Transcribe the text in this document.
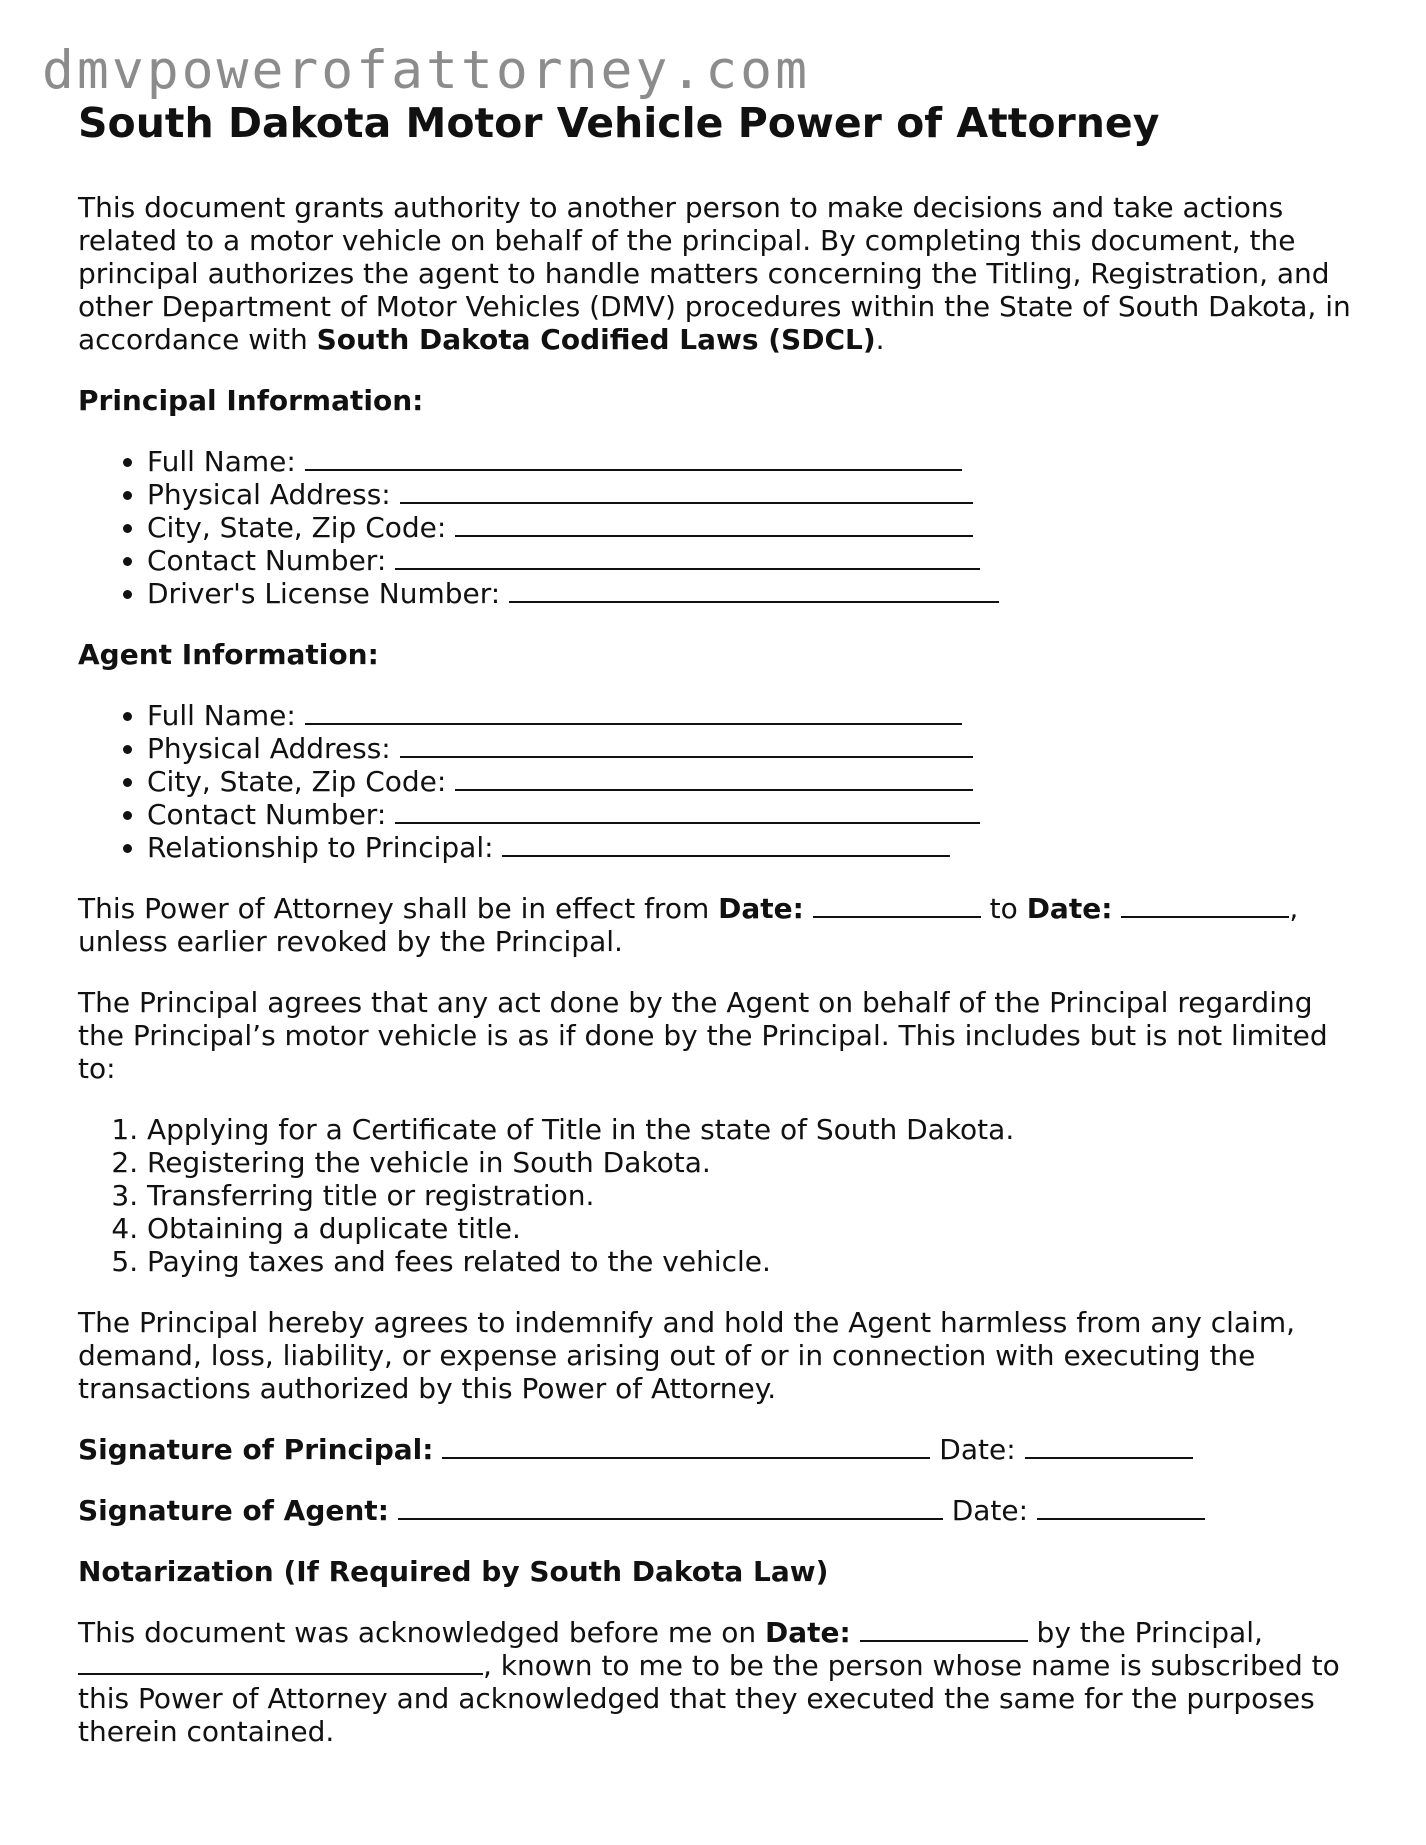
dmvpowerofattorney.com
South Dakota Motor Vehicle Power of Attorney

This document grants authority to another person to make decisions and take actions related to a motor vehicle on behalf of the principal. By completing this document, the principal authorizes the agent to handle matters concerning the Titling, Registration, and other Department of Motor Vehicles (DMV) procedures within the State of South Dakota, in accordance with South Dakota Codified Laws (SDCL).

Principal Information:

• Full Name:
• Physical Address:
• City, State, Zip Code:
• Contact Number:
• Driver's License Number:

Agent Information:

• Full Name:
• Physical Address:
• City, State, Zip Code:
• Contact Number:
• Relationship to Principal:

This Power of Attorney shall be in effect from Date:	to Date:	, unless earlier revoked by the Principal.

The Principal agrees that any act done by the Agent on behalf of the Principal regarding the Principal’s motor vehicle is as if done by the Principal. This includes but is not limited to:

1. Applying for a Certificate of Title in the state of South Dakota.
2. Registering the vehicle in South Dakota.
3. Transferring title or registration.
4. Obtaining a duplicate title.
5. Paying taxes and fees related to the vehicle.

The Principal hereby agrees to indemnify and hold the Agent harmless from any claim, demand, loss, liability, or expense arising out of or in connection with executing the transactions authorized by this Power of Attorney.

Signature of Principal:	Date:

Signature of Agent:	Date:

Notarization (If Required by South Dakota Law)

This document was acknowledged before me on Date:	by the Principal, , known to me to be the person whose name is subscribed to this Power of Attorney and acknowledged that they executed the same for the purposes therein contained.
